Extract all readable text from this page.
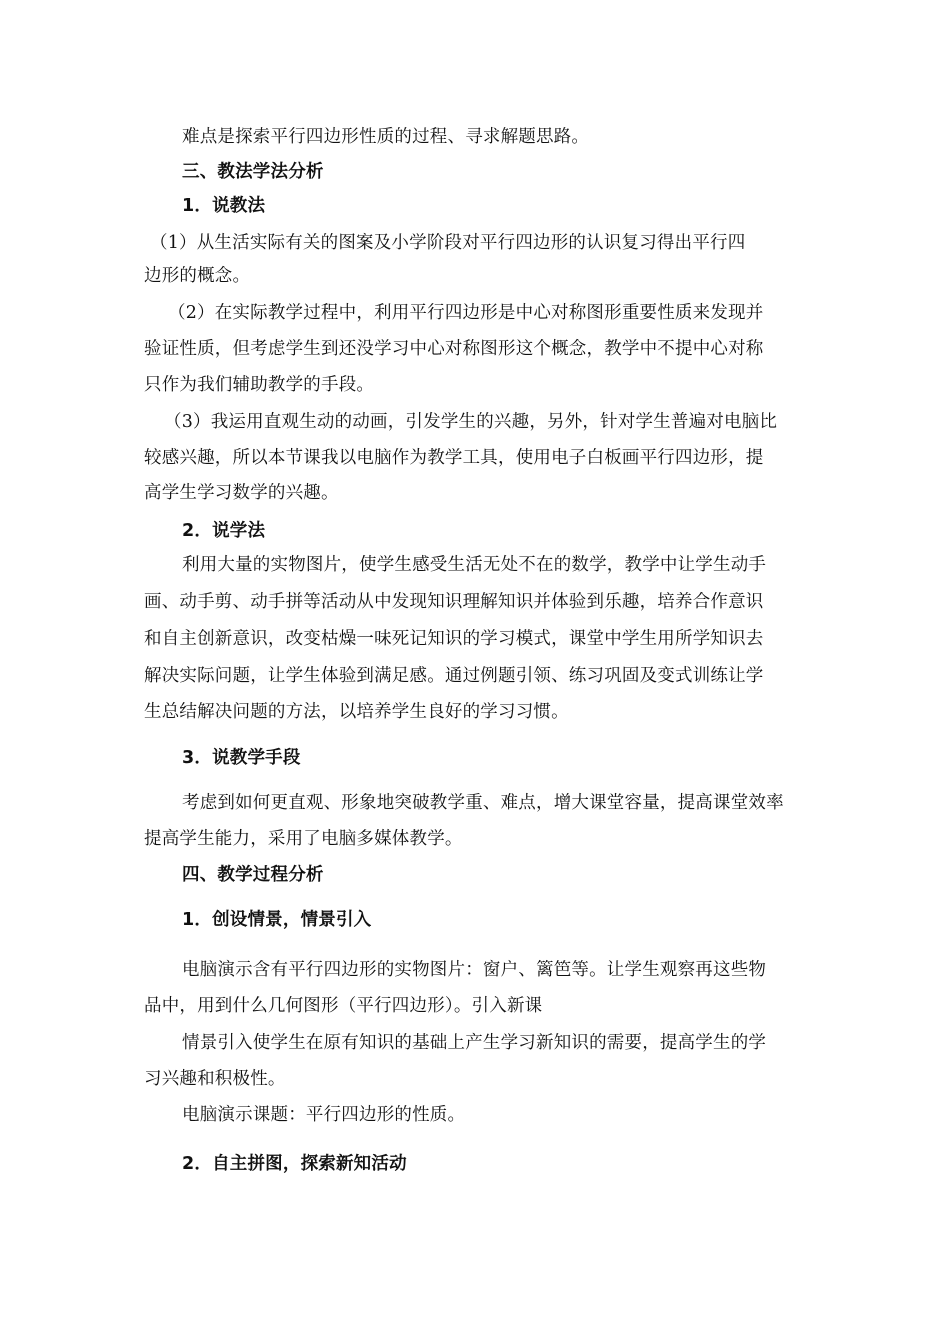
难点是探索平行四边形性质的过程、寻求解题思路。
三、教法学法分析
1．说教法
（1）从生活实际有关的图案及小学阶段对平行四边形的认识复习得出平行四
边形的概念。
（2）在实际教学过程中，利用平行四边形是中心对称图形重要性质来发现并
验证性质，但考虑学生到还没学习中心对称图形这个概念，教学中不提中心对称
只作为我们辅助教学的手段。
（3）我运用直观生动的动画，引发学生的兴趣，另外，针对学生普遍对电脑比
较感兴趣，所以本节课我以电脑作为教学工具，使用电子白板画平行四边形，提
高学生学习数学的兴趣。
2．说学法
利用大量的实物图片，使学生感受生活无处不在的数学，教学中让学生动手
画、动手剪、动手拼等活动从中发现知识理解知识并体验到乐趣，培养合作意识
和自主创新意识，改变枯燥一味死记知识的学习模式，课堂中学生用所学知识去
解决实际问题，让学生体验到满足感。通过例题引领、练习巩固及变式训练让学
生总结解决问题的方法，以培养学生良好的学习习惯。
3．说教学手段
考虑到如何更直观、形象地突破教学重、难点，增大课堂容量，提高课堂效率
提高学生能力，采用了电脑多媒体教学。
四、教学过程分析
1．创设情景，情景引入
电脑演示含有平行四边形的实物图片：窗户、篱笆等。让学生观察再这些物
品中，用到什么几何图形（平行四边形）。引入新课
情景引入使学生在原有知识的基础上产生学习新知识的需要，提高学生的学
习兴趣和积极性。
电脑演示课题：平行四边形的性质。
2．自主拼图，探索新知活动
